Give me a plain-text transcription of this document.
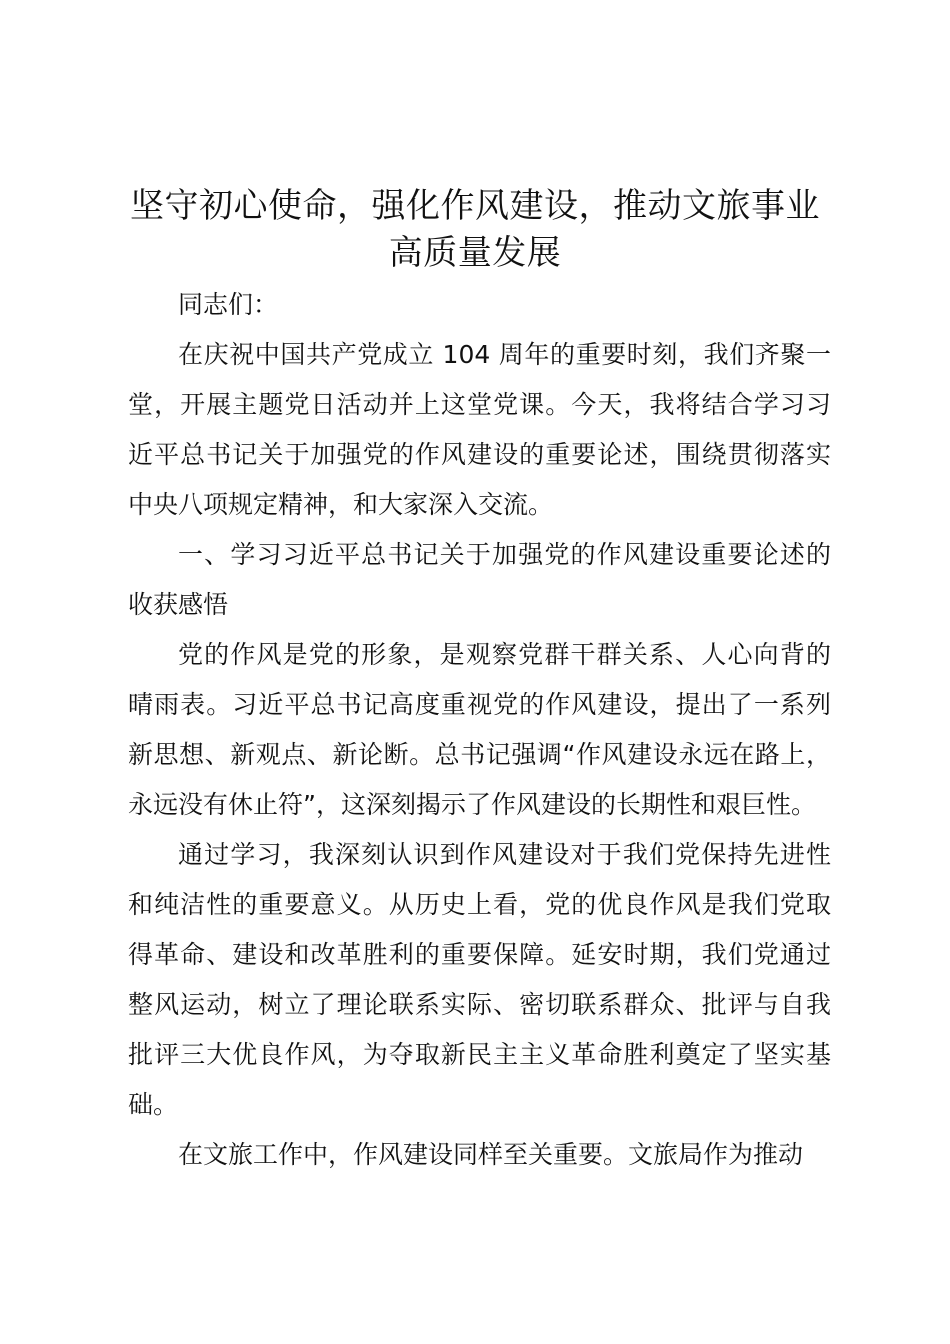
坚守初心使命，强化作风建设，推动文旅事业
高质量发展
同志们：
在庆祝中国共产党成立 104 周年的重要时刻，我们齐聚一
堂，开展主题党日活动并上这堂党课。今天，我将结合学习习
近平总书记关于加强党的作风建设的重要论述，围绕贯彻落实
中央八项规定精神，和大家深入交流。
一、学习习近平总书记关于加强党的作风建设重要论述的
收获感悟
党的作风是党的形象，是观察党群干群关系、人心向背的
晴雨表。习近平总书记高度重视党的作风建设，提出了一系列
新思想、新观点、新论断。总书记强调“作风建设永远在路上，
永远没有休止符”，这深刻揭示了作风建设的长期性和艰巨性。
通过学习，我深刻认识到作风建设对于我们党保持先进性
和纯洁性的重要意义。从历史上看，党的优良作风是我们党取
得革命、建设和改革胜利的重要保障。延安时期，我们党通过
整风运动，树立了理论联系实际、密切联系群众、批评与自我
批评三大优良作风，为夺取新民主主义革命胜利奠定了坚实基
础。
在文旅工作中，作风建设同样至关重要。文旅局作为推动
